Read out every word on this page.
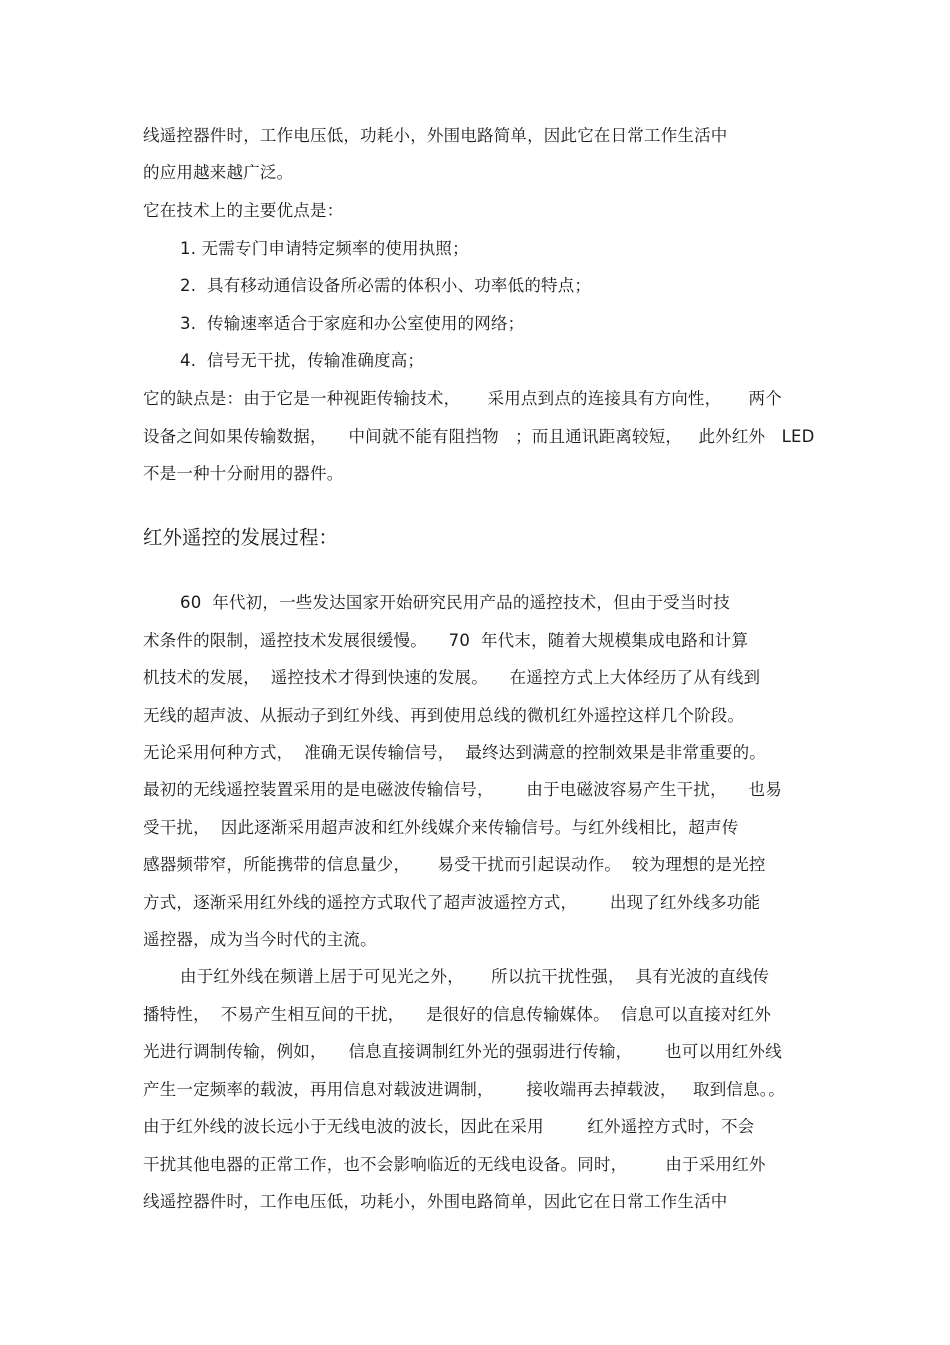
线遥控器件时，工作电压低，功耗小，外围电路简单，因此它在日常工作生活中
的应用越来越广泛。
它在技术上的主要优点是：
1. 无需专门申请特定频率的使用执照；
2.  具有移动通信设备所必需的体积小、功率低的特点；
3.  传输速率适合于家庭和办公室使用的网络；
4.  信号无干扰，传输准确度高；
它的缺点是：由于它是一种视距传输技术，     采用点到点的连接具有方向性，     两个
设备之间如果传输数据，    中间就不能有阻挡物   ；而且通讯距离较短，   此外红外   LED
不是一种十分耐用的器件。
红外遥控的发展过程：
60  年代初，一些发达国家开始研究民用产品的遥控技术，但由于受当时技
术条件的限制，遥控技术发展很缓慢。    70  年代末，随着大规模集成电路和计算
机技术的发展，  遥控技术才得到快速的发展。    在遥控方式上大体经历了从有线到
无线的超声波、从振动子到红外线、再到使用总线的微机红外遥控这样几个阶段。
无论采用何种方式，  准确无误传输信号，  最终达到满意的控制效果是非常重要的。
最初的无线遥控装置采用的是电磁波传输信号，      由于电磁波容易产生干扰，    也易
受干扰，  因此逐渐采用超声波和红外线媒介来传输信号。与红外线相比，超声传
感器频带窄，所能携带的信息量少，     易受干扰而引起误动作。  较为理想的是光控
方式，逐渐采用红外线的遥控方式取代了超声波遥控方式，      出现了红外线多功能
遥控器，成为当今时代的主流。
由于红外线在频谱上居于可见光之外，     所以抗干扰性强，  具有光波的直线传
播特性，  不易产生相互间的干扰，    是很好的信息传输媒体。  信息可以直接对红外
光进行调制传输，例如，    信息直接调制红外光的强弱进行传输，      也可以用红外线
产生一定频率的载波，再用信息对载波进调制，      接收端再去掉载波，   取到信息。。
由于红外线的波长远小于无线电波的波长，因此在采用        红外遥控方式时，不会
干扰其他电器的正常工作，也不会影响临近的无线电设备。同时，       由于采用红外
线遥控器件时，工作电压低，功耗小，外围电路简单，因此它在日常工作生活中
